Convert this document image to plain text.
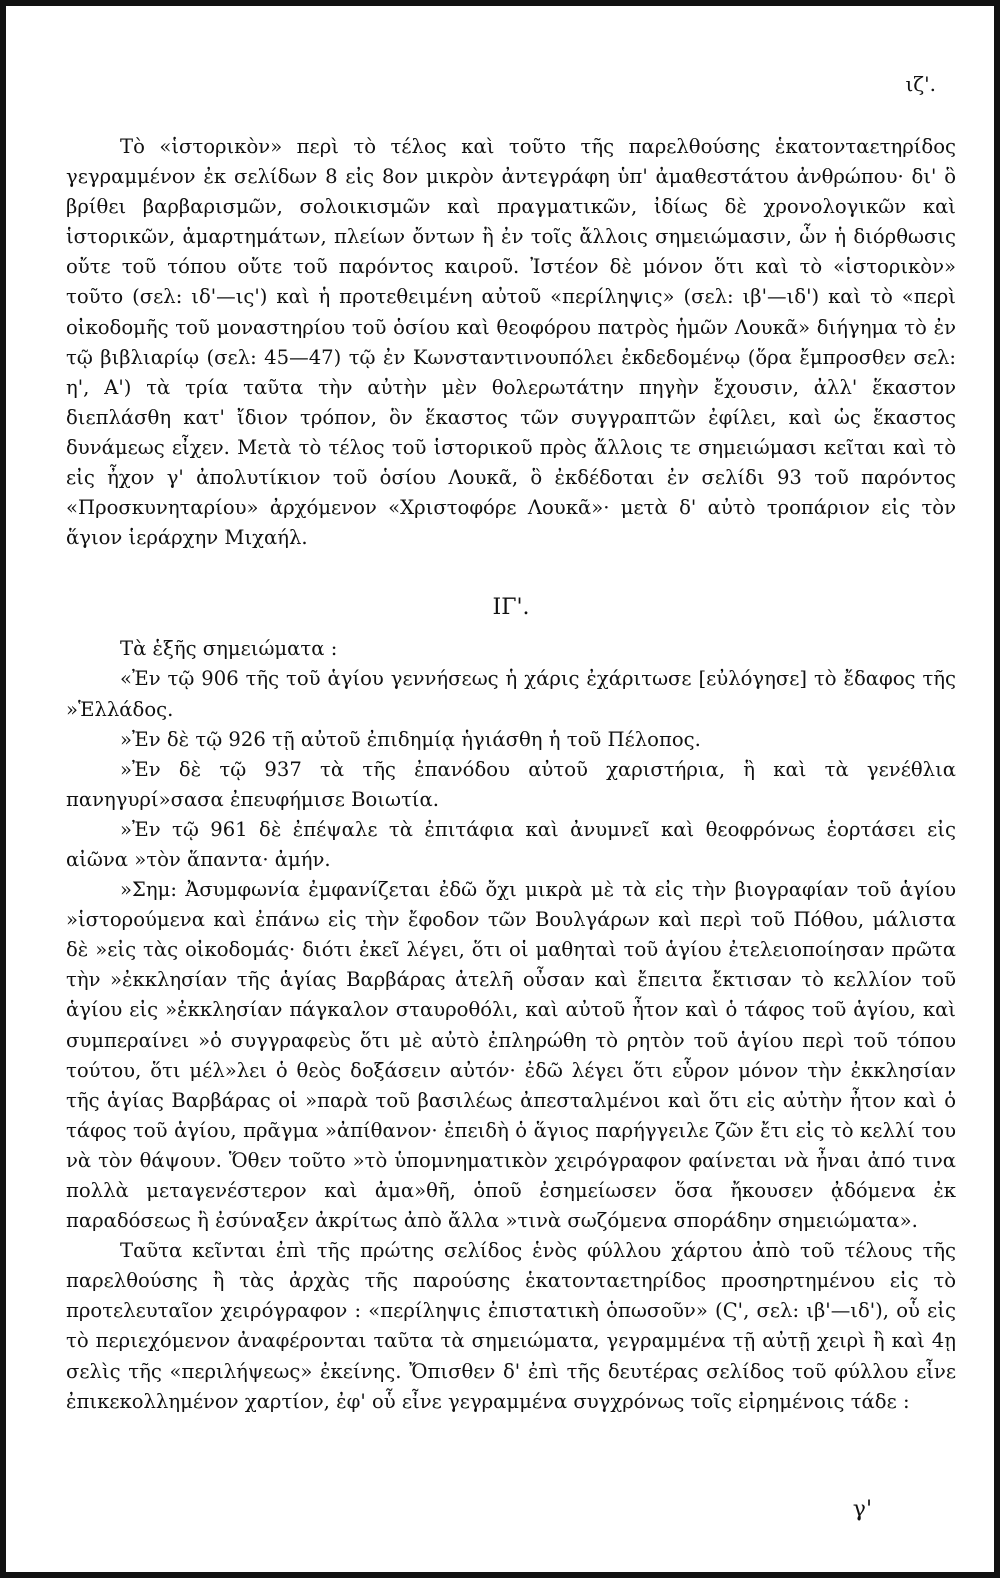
ιζ'.

Τὸ «ἱστορικὸν» περὶ τὸ τέλος καὶ τοῦτο τῆς παρελθούσης ἑκατονταετηρίδος γεγραμμένον ἐκ σελίδων 8 εἰς 8ον μικρὸν ἀντεγράφη ὑπ' ἀμαθεστάτου ἀνθρώπου· δι' ὃ βρίθει βαρβαρισμῶν, σολοικισμῶν καὶ πραγματικῶν, ἰδίως δὲ χρονολογικῶν καὶ ἱστορικῶν, ἁμαρτημάτων, πλείων ὄντων ἢ ἐν τοῖς ἄλλοις σημειώμασιν, ὧν ἡ διόρθωσις οὔτε τοῦ τόπου οὔτε τοῦ παρόντος καιροῦ. Ἰστέον δὲ μόνον ὅτι καὶ τὸ «ἱστορικὸν» τοῦτο (σελ: ιδ'—ις') καὶ ἡ προτεθειμένη αὐτοῦ «περίληψις» (σελ: ιβ'—ιδ') καὶ τὸ «περὶ οἰκοδομῆς τοῦ μοναστηρίου τοῦ ὁσίου καὶ θεοφόρου πατρὸς ἡμῶν Λουκᾶ» διήγημα τὸ ἐν τῷ βιβλιαρίῳ (σελ: 45—47) τῷ ἐν Κωνσταντινουπόλει ἐκδεδομένῳ (ὅρα ἔμπροσθεν σελ: η', Α') τὰ τρία ταῦτα τὴν αὐτὴν μὲν θολερωτάτην πηγὴν ἔχουσιν, ἀλλ' ἕκαστον διεπλάσθη κατ' ἴδιον τρόπον, ὃν ἕκαστος τῶν συγγραπτῶν ἐφίλει, καὶ ὡς ἕκαστος δυνάμεως εἶχεν. Μετὰ τὸ τέλος τοῦ ἱστορικοῦ πρὸς ἄλλοις τε σημειώμασι κεῖται καὶ τὸ εἰς ἦχον γ' ἀπολυτίκιον τοῦ ὁσίου Λουκᾶ, ὃ ἐκδέδοται ἐν σελίδι 93 τοῦ παρόντος «Προσκυνηταρίου» ἀρχόμενον «Χριστοφόρε Λουκᾶ»· μετὰ δ' αὐτὸ τροπάριον εἰς τὸν ἅγιον ἱεράρχην Μιχαήλ.

ΙΓ'.

Τὰ ἑξῆς σημειώματα :

«Ἐν τῷ 906 τῆς τοῦ ἁγίου γεννήσεως ἡ χάρις ἐχάριτωσε [εὐλόγησε] τὸ ἔδαφος τῆς »Ἑλλάδος.

»Ἐν δὲ τῷ 926 τῇ αὐτοῦ ἐπιδημίᾳ ἡγιάσθη ἡ τοῦ Πέλοπος.

»Ἐν δὲ τῷ 937 τὰ τῆς ἐπανόδου αὐτοῦ χαριστήρια, ἣ καὶ τὰ γενέθλια πανηγυρί»σασα ἐπευφήμισε Βοιωτία.

»Ἐν τῷ 961 δὲ ἐπέψαλε τὰ ἐπιτάφια καὶ ἀνυμνεῖ καὶ θεοφρόνως ἑορτάσει εἰς αἰῶνα »τὸν ἅπαντα· ἀμήν.

»Σημ: Ἀσυμφωνία ἐμφανίζεται ἐδῶ ὄχι μικρὰ μὲ τὰ εἰς τὴν βιογραφίαν τοῦ ἁγίου »ἱστορούμενα καὶ ἐπάνω εἰς τὴν ἔφοδον τῶν Βουλγάρων καὶ περὶ τοῦ Πόθου, μάλιστα δὲ »εἰς τὰς οἰκοδομάς· διότι ἐκεῖ λέγει, ὅτι οἱ μαθηταὶ τοῦ ἁγίου ἐτελειοποίησαν πρῶτα τὴν »ἐκκλησίαν τῆς ἁγίας Βαρβάρας ἀτελῆ οὖσαν καὶ ἔπειτα ἔκτισαν τὸ κελλίον τοῦ ἁγίου εἰς »ἐκκλησίαν πάγκαλον σταυροθόλι, καὶ αὐτοῦ ἦτον καὶ ὁ τάφος τοῦ ἁγίου, καὶ συμπεραίνει »ὁ συγγραφεὺς ὅτι μὲ αὐτὸ ἐπληρώθη τὸ ρητὸν τοῦ ἁγίου περὶ τοῦ τόπου τούτου, ὅτι μέλ»λει ὁ θεὸς δοξάσειν αὐτόν· ἐδῶ λέγει ὅτι εὗρον μόνον τὴν ἐκκλησίαν τῆς ἁγίας Βαρβάρας οἱ »παρὰ τοῦ βασιλέως ἀπεσταλμένοι καὶ ὅτι εἰς αὐτὴν ἦτον καὶ ὁ τάφος τοῦ ἁγίου, πρᾶγμα »ἀπίθανον· ἐπειδὴ ὁ ἅγιος παρήγγειλε ζῶν ἔτι εἰς τὸ κελλί του νὰ τὸν θάψουν. Ὅθεν τοῦτο »τὸ ὑπομνηματικὸν χειρόγραφον φαίνεται νὰ ἦναι ἀπό τινα πολλὰ μεταγενέστερον καὶ ἀμα»θῆ, ὁποῦ ἐσημείωσεν ὅσα ἤκουσεν ᾀδόμενα ἐκ παραδόσεως ἢ ἐσύναξεν ἀκρίτως ἀπὸ ἄλλα »τινὰ σωζόμενα σποράδην σημειώματα».

Ταῦτα κεῖνται ἐπὶ τῆς πρώτης σελίδος ἑνὸς φύλλου χάρτου ἀπὸ τοῦ τέλους τῆς παρελθούσης ἢ τὰς ἀρχὰς τῆς παρούσης ἑκατονταετηρίδος προσηρτημένου εἰς τὸ προτελευταῖον χειρόγραφον : «περίληψις ἐπιστατικὴ ὁπωσοῦν» (Ϛ', σελ: ιβ'—ιδ'), οὗ εἰς τὸ περιεχόμενον ἀναφέρονται ταῦτα τὰ σημειώματα, γεγραμμένα τῇ αὐτῇ χειρὶ ἢ καὶ 4ῃ σελὶς τῆς «περιλήψεως» ἐκείνης. Ὄπισθεν δ' ἐπὶ τῆς δευτέρας σελίδος τοῦ φύλλου εἶνε ἐπικεκολλημένον χαρτίον, ἐφ' οὗ εἶνε γεγραμμένα συγχρόνως τοῖς εἰρημένοις τάδε :

γ'
